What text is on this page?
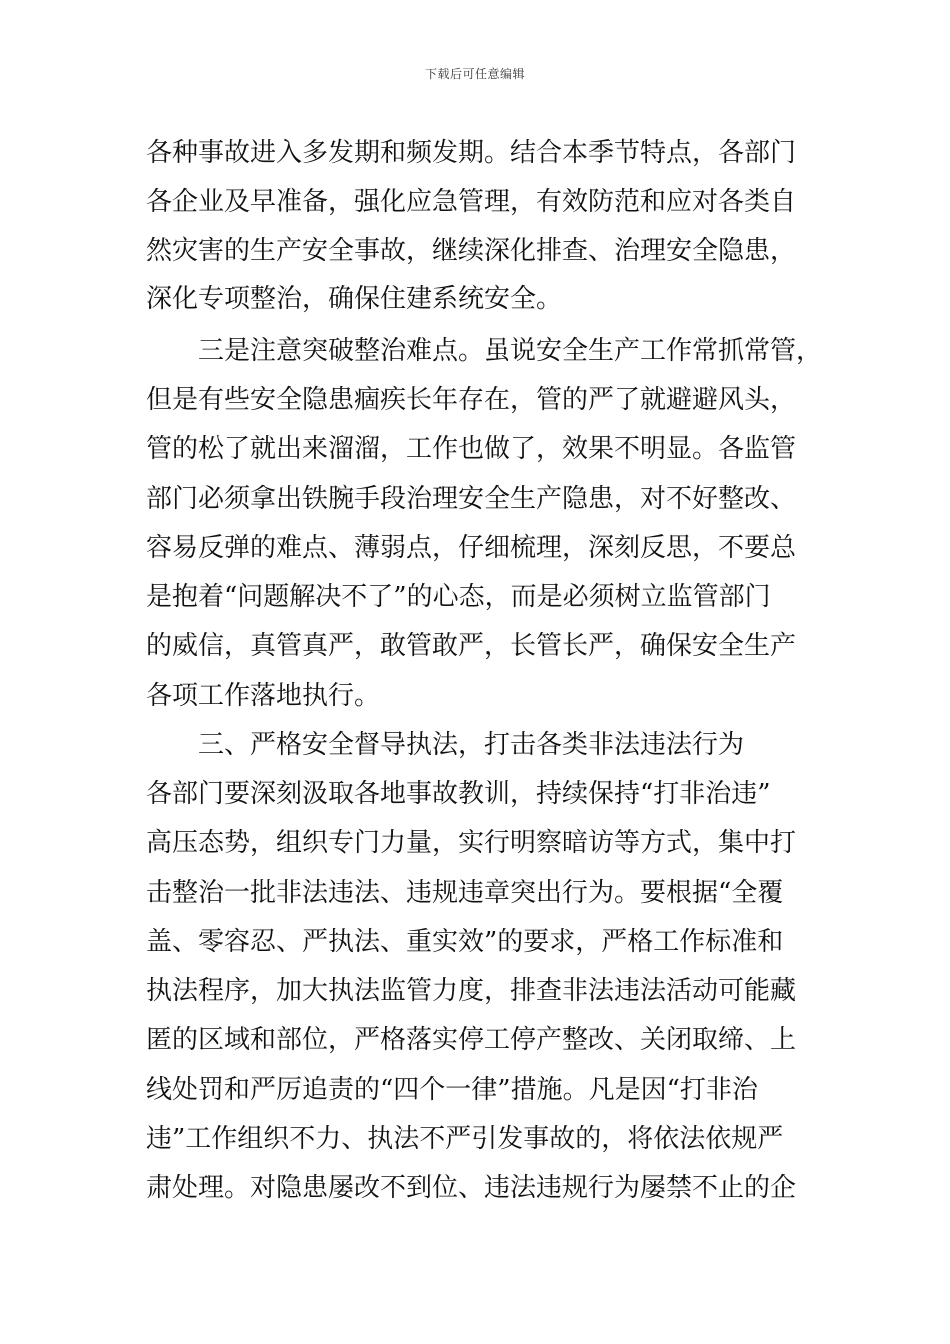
下载后可任意编辑
各种事故进入多发期和频发期。结合本季节特点，各部门
各企业及早准备，强化应急管理，有效防范和应对各类自
然灾害的生产安全事故，继续深化排查、治理安全隐患，
深化专项整治，确保住建系统安全。
三是注意突破整治难点。虽说安全生产工作常抓常管，
但是有些安全隐患痼疾长年存在，管的严了就避避风头，
管的松了就出来溜溜，工作也做了，效果不明显。各监管
部门必须拿出铁腕手段治理安全生产隐患，对不好整改、
容易反弹的难点、薄弱点，仔细梳理，深刻反思，不要总
是抱着“问题解决不了”的心态，而是必须树立监管部门
的威信，真管真严，敢管敢严，长管长严，确保安全生产
各项工作落地执行。
三、严格安全督导执法，打击各类非法违法行为
各部门要深刻汲取各地事故教训，持续保持“打非治违”
高压态势，组织专门力量，实行明察暗访等方式，集中打
击整治一批非法违法、违规违章突出行为。要根据“全覆
盖、零容忍、严执法、重实效”的要求，严格工作标准和
执法程序，加大执法监管力度，排查非法违法活动可能藏
匿的区域和部位，严格落实停工停产整改、关闭取缔、上
线处罚和严厉追责的“四个一律”措施。凡是因“打非治
违”工作组织不力、执法不严引发事故的，将依法依规严
肃处理。对隐患屡改不到位、违法违规行为屡禁不止的企
